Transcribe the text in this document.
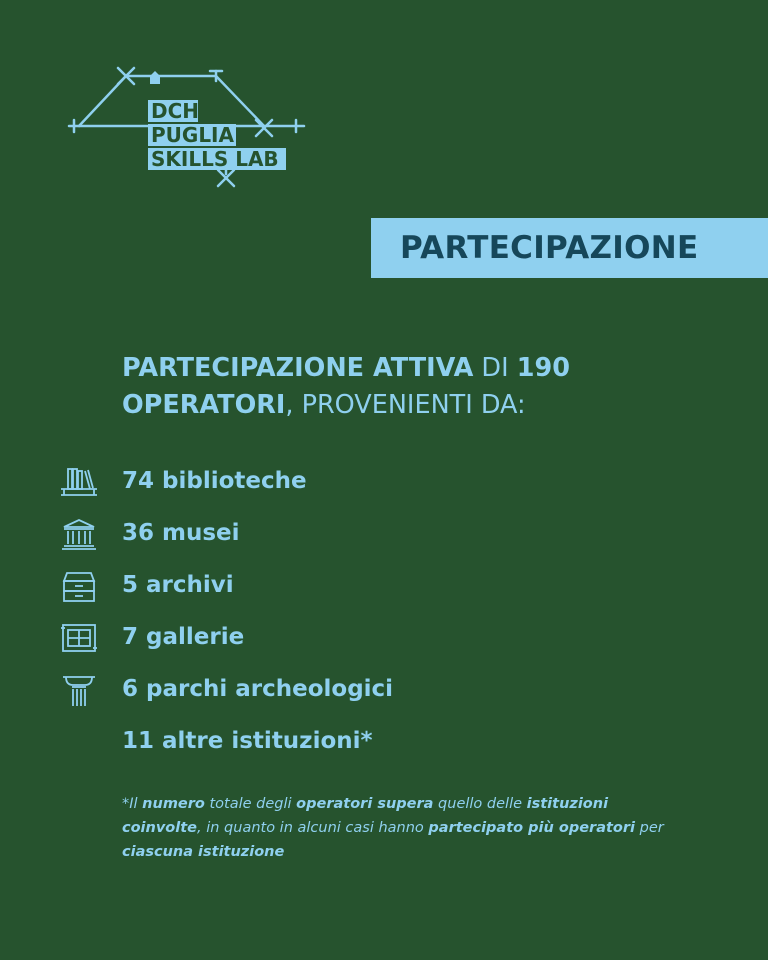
DCH
PUGLIA
SKILLS LAB
PARTECIPAZIONE
PARTECIPAZIONE ATTIVA DI 190
OPERATORI, PROVENIENTI DA:
74 biblioteche
36 musei
5 archivi
7 gallerie
6 parchi archeologici
11 altre istituzioni*
*Il numero totale degli operatori supera quello delle istituzioni coinvolte, in quanto in alcuni casi hanno partecipato più operatori per ciascuna istituzione
